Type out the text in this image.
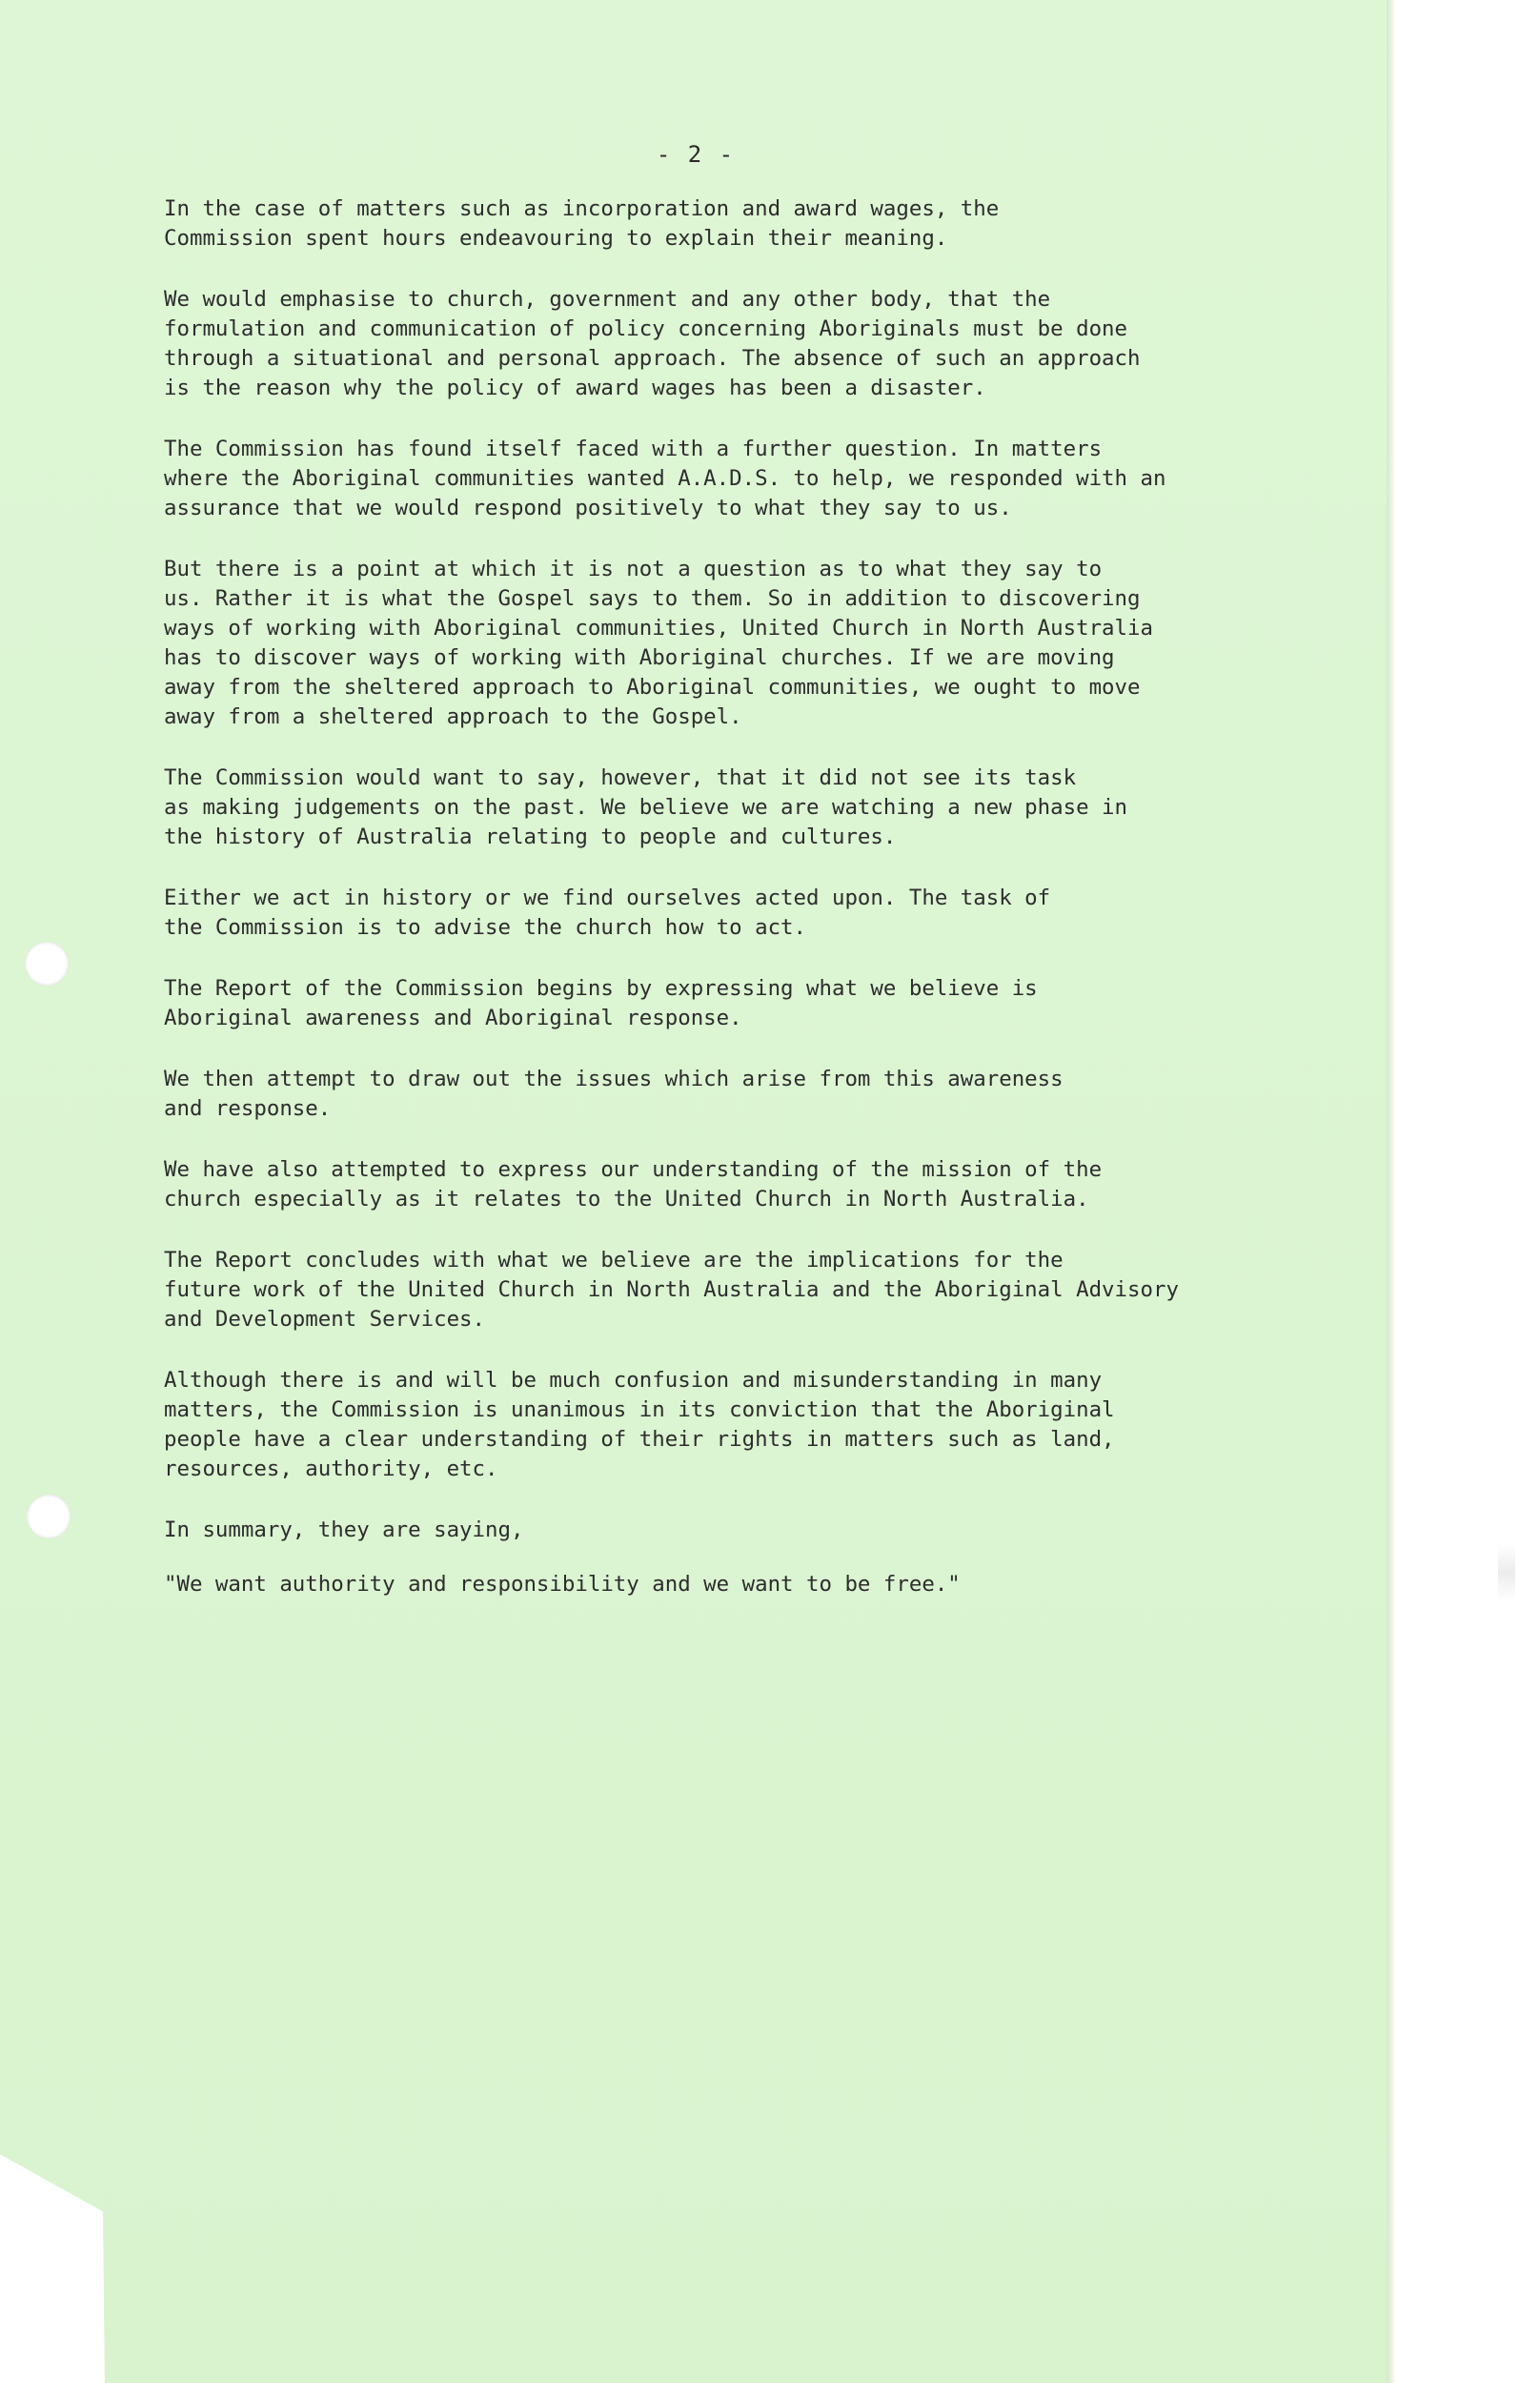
- 2 -

In the case of matters such as incorporation and award wages, the
Commission spent hours endeavouring to explain their meaning.

We would emphasise to church, government and any other body, that the
formulation and communication of policy concerning Aboriginals must be done
through a situational and personal approach. The absence of such an approach
is the reason why the policy of award wages has been a disaster.

The Commission has found itself faced with a further question. In matters
where the Aboriginal communities wanted A.A.D.S. to help, we responded with an
assurance that we would respond positively to what they say to us.

But there is a point at which it is not a question as to what they say to
us. Rather it is what the Gospel says to them. So in addition to discovering
ways of working with Aboriginal communities, United Church in North Australia
has to discover ways of working with Aboriginal churches. If we are moving
away from the sheltered approach to Aboriginal communities, we ought to move
away from a sheltered approach to the Gospel.

The Commission would want to say, however, that it did not see its task
as making judgements on the past. We believe we are watching a new phase in
the history of Australia relating to people and cultures.

Either we act in history or we find ourselves acted upon. The task of
the Commission is to advise the church how to act.

The Report of the Commission begins by expressing what we believe is
Aboriginal awareness and Aboriginal response.

We then attempt to draw out the issues which arise from this awareness
and response.

We have also attempted to express our understanding of the mission of the
church especially as it relates to the United Church in North Australia.

The Report concludes with what we believe are the implications for the
future work of the United Church in North Australia and the Aboriginal Advisory
and Development Services.

Although there is and will be much confusion and misunderstanding in many
matters, the Commission is unanimous in its conviction that the Aboriginal
people have a clear understanding of their rights in matters such as land,
resources, authority, etc.

In summary, they are saying,

"We want authority and responsibility and we want to be free."
